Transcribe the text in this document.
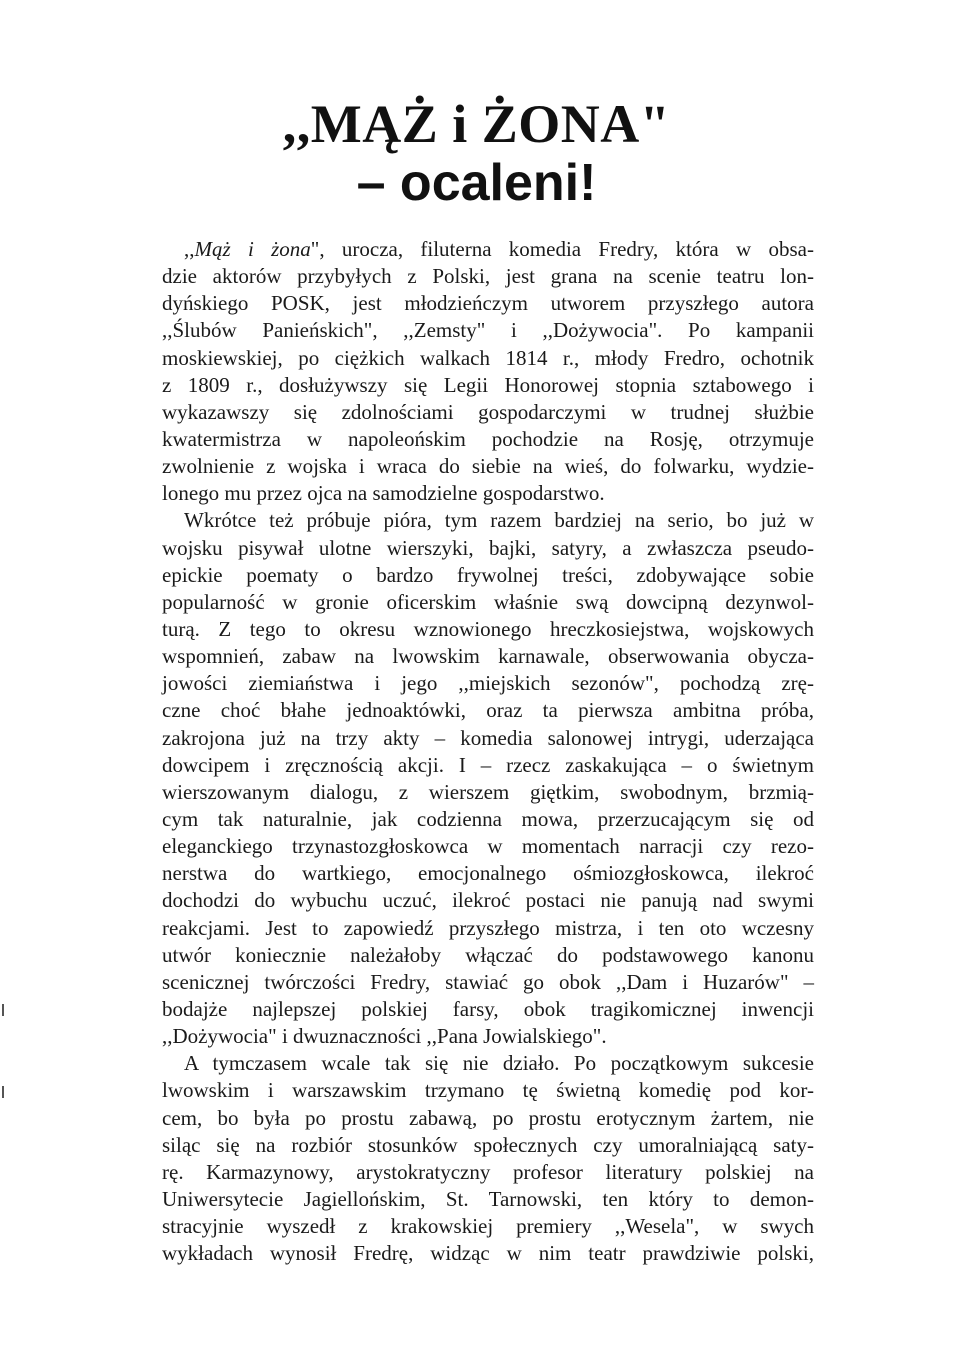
,,MĄŻ i ŻONA"
– ocaleni!
,,Mąż i żona", urocza, filuterna komedia Fredry, która w obsa-
dzie aktorów przybyłych z Polski, jest grana na scenie teatru lon-
dyńskiego POSK, jest młodzieńczym utworem przyszłego autora
,,Ślubów Panieńskich", ,,Zemsty" i ,,Dożywocia". Po kampanii
moskiewskiej, po ciężkich walkach 1814 r., młody Fredro, ochotnik
z 1809 r., dosłużywszy się Legii Honorowej stopnia sztabowego i
wykazawszy się zdolnościami gospodarczymi w trudnej służbie
kwatermistrza w napoleońskim pochodzie na Rosję, otrzymuje
zwolnienie z wojska i wraca do siebie na wieś, do folwarku, wydzie-
lonego mu przez ojca na samodzielne gospodarstwo.
Wkrótce też próbuje pióra, tym razem bardziej na serio, bo już w
wojsku pisywał ulotne wierszyki, bajki, satyry, a zwłaszcza pseudo-
epickie poematy o bardzo frywolnej treści, zdobywające sobie
popularność w gronie oficerskim właśnie swą dowcipną dezynwol-
turą. Z tego to okresu wznowionego hreczkosiejstwa, wojskowych
wspomnień, zabaw na lwowskim karnawale, obserwowania obycza-
jowości ziemiaństwa i jego ,,miejskich sezonów", pochodzą zrę-
czne choć błahe jednoaktówki, oraz ta pierwsza ambitna próba,
zakrojona już na trzy akty – komedia salonowej intrygi, uderzająca
dowcipem i zręcznością akcji. I – rzecz zaskakująca – o świetnym
wierszowanym dialogu, z wierszem giętkim, swobodnym, brzmią-
cym tak naturalnie, jak codzienna mowa, przerzucającym się od
eleganckiego trzynastozgłoskowca w momentach narracji czy rezo-
nerstwa do wartkiego, emocjonalnego ośmiozgłoskowca, ilekroć
dochodzi do wybuchu uczuć, ilekroć postaci nie panują nad swymi
reakcjami. Jest to zapowiedź przyszłego mistrza, i ten oto wczesny
utwór koniecznie należałoby włączać do podstawowego kanonu
scenicznej twórczości Fredry, stawiać go obok ,,Dam i Huzarów" –
bodajże najlepszej polskiej farsy, obok tragikomicznej inwencji
,,Dożywocia" i dwuznaczności ,,Pana Jowialskiego".
A tymczasem wcale tak się nie działo. Po początkowym sukcesie
lwowskim i warszawskim trzymano tę świetną komedię pod kor-
cem, bo była po prostu zabawą, po prostu erotycznym żartem, nie
siląc się na rozbiór stosunków społecznych czy umoralniającą saty-
rę. Karmazynowy, arystokratyczny profesor literatury polskiej na
Uniwersytecie Jagiellońskim, St. Tarnowski, ten który to demon-
stracyjnie wyszedł z krakowskiej premiery ,,Wesela", w swych
wykładach wynosił Fredrę, widząc w nim teatr prawdziwie polski,
